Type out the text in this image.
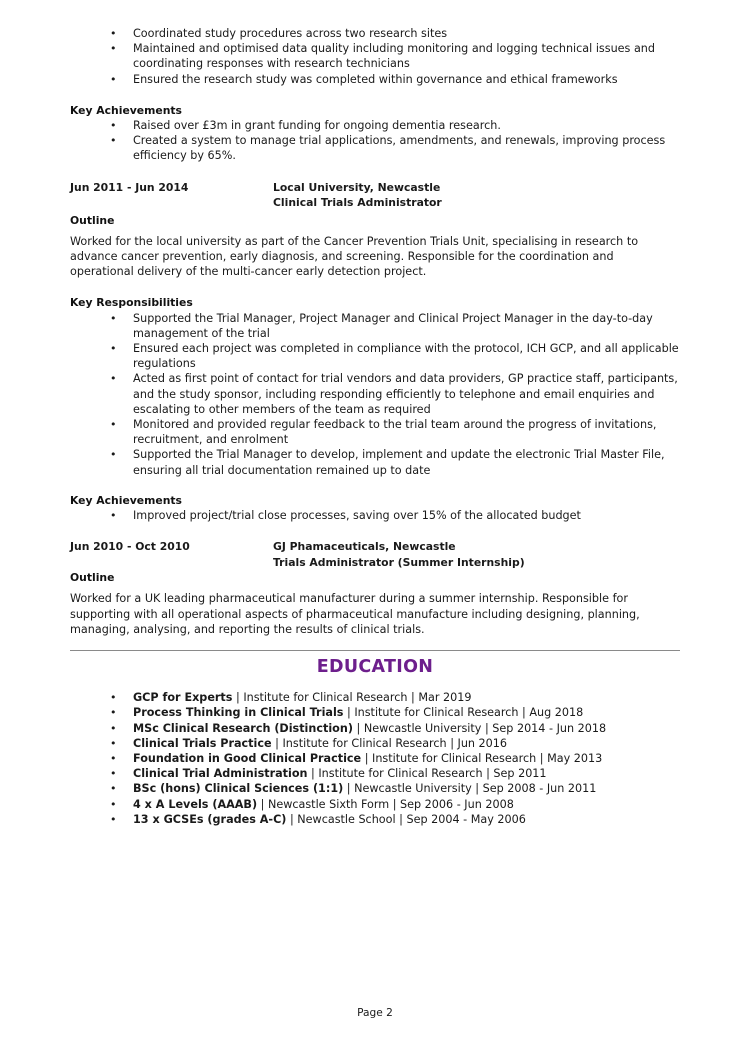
• Coordinated study procedures across two research sites
• Maintained and optimised data quality including monitoring and logging technical issues and coordinating responses with research technicians
• Ensured the research study was completed within governance and ethical frameworks
Key Achievements
• Raised over £3m in grant funding for ongoing dementia research.
• Created a system to manage trial applications, amendments, and renewals, improving process efficiency by 65%.
Jun 2011 - Jun 2014	Local University, Newcastle
Clinical Trials Administrator
Outline

Worked for the local university as part of the Cancer Prevention Trials Unit, specialising in research to advance cancer prevention, early diagnosis, and screening. Responsible for the coordination and operational delivery of the multi-cancer early detection project.

Key Responsibilities
• Supported the Trial Manager, Project Manager and Clinical Project Manager in the day-to-day management of the trial
• Ensured each project was completed in compliance with the protocol, ICH GCP, and all applicable regulations
• Acted as first point of contact for trial vendors and data providers, GP practice staff, participants, and the study sponsor, including responding efficiently to telephone and email enquiries and escalating to other members of the team as required
• Monitored and provided regular feedback to the trial team around the progress of invitations, recruitment, and enrolment
• Supported the Trial Manager to develop, implement and update the electronic Trial Master File, ensuring all trial documentation remained up to date
Key Achievements
• Improved project/trial close processes, saving over 15% of the allocated budget
Jun 2010 - Oct 2010	GJ Phamaceuticals, Newcastle
Trials Administrator (Summer Internship)
Outline

Worked for a UK leading pharmaceutical manufacturer during a summer internship. Responsible for supporting with all operational aspects of pharmaceutical manufacture including designing, planning, managing, analysing, and reporting the results of clinical trials.

EDUCATION
• GCP for Experts | Institute for Clinical Research | Mar 2019
• Process Thinking in Clinical Trials | Institute for Clinical Research | Aug 2018
• MSc Clinical Research (Distinction) | Newcastle University | Sep 2014 - Jun 2018
• Clinical Trials Practice | Institute for Clinical Research | Jun 2016
• Foundation in Good Clinical Practice | Institute for Clinical Research | May 2013
• Clinical Trial Administration | Institute for Clinical Research | Sep 2011
• BSc (hons) Clinical Sciences (1:1) | Newcastle University | Sep 2008 - Jun 2011
• 4 x A Levels (AAAB) | Newcastle Sixth Form | Sep 2006 - Jun 2008
• 13 x GCSEs (grades A-C) | Newcastle School | Sep 2004 - May 2006
Page 2
